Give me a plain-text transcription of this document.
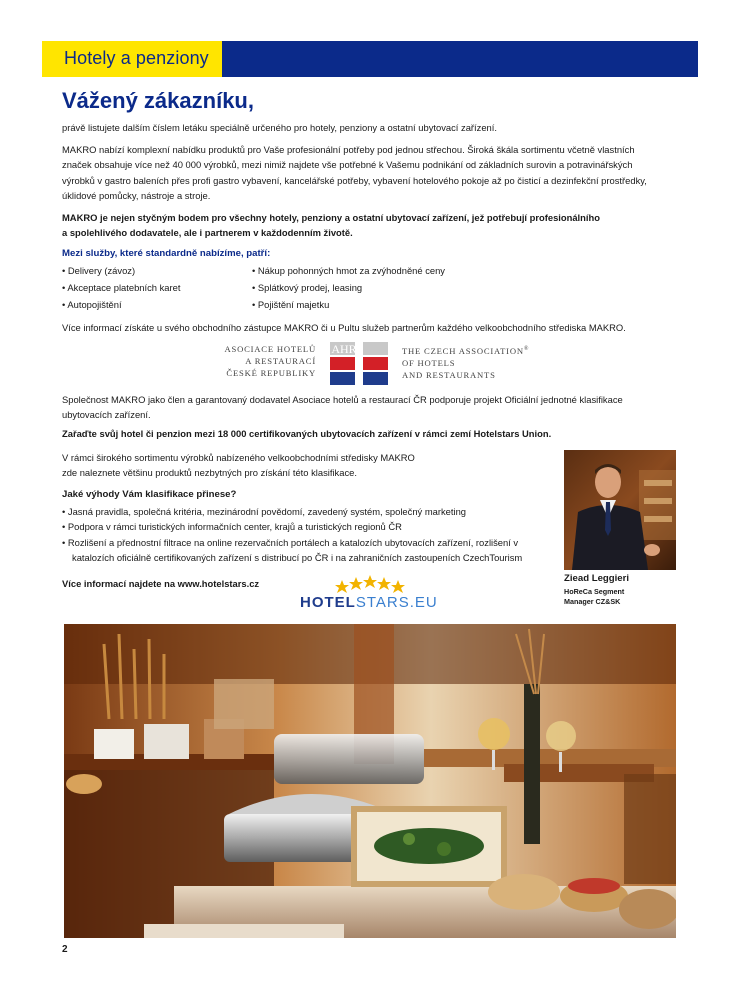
Hotely a penziony
Vážený zákazníku,

právě listujete dalším číslem letáku speciálně určeného pro hotely, penziony a ostatní ubytovací zařízení.

MAKRO nabízí komplexní nabídku produktů pro Vaše profesionální potřeby pod jednou střechou. Široká škála sortimentu včetně vlastních
značek obsahuje více než 40 000 výrobků, mezi nimiž najdete vše potřebné k Vašemu podnikání od základních surovin a potravinářských
výrobků v gastro baleních přes profi gastro vybavení, kancelářské potřeby, vybavení hotelového pokoje až po čisticí a dezinfekční prostředky,
úklidové pomůcky, nástroje a stroje.
MAKRO je nejen styčným bodem pro všechny hotely, penziony a ostatní ubytovací zařízení, jež potřebují profesionálního
a spolehlivého dodavatele, ale i partnerem v každodenním životě.
Mezi služby, které standardně nabízíme, patří:
• Delivery (závoz)
• Akceptace platebních karet
• Autopojištění
• Nákup pohonných hmot za zvýhodněné ceny
• Splátkový prodej, leasing
• Pojištění majetku

Více informací získáte u svého obchodního zástupce MAKRO či u Pultu služeb partnerům každého velkoobchodního střediska MAKRO.

ASOCIACE HOTELŮ
A RESTAURACÍ
ČESKÉ REPUBLIKY
AHR	THE CZECH ASSOCIATION®
OF HOTELS
AND RESTAURANTS
Společnost MAKRO jako člen a garantovaný dodavatel Asociace hotelů a restaurací ČR podporuje projekt Oficiální jednotné klasifikace
ubytovacích zařízení.

Zařaďte svůj hotel či penzion mezi 18 000 certifikovaných ubytovacích zařízení v rámci zemí Hotelstars Union.

V rámci širokého sortimentu výrobků nabízeného velkoobchodními středisky MAKRO
zde naleznete většinu produktů nezbytných pro získání této klasifikace.
Jaké výhody Vám klasifikace přinese?
• Jasná pravidla, společná kritéria, mezinárodní povědomí, zavedený systém, společný marketing
• Podpora v rámci turistických informačních center, krajů a turistických regionů ČR
• Rozlišení a přednostní filtrace na online rezervačních portálech a katalozích ubytovacích zařízení, rozlišení v katalozích oficiálně certifikovaných zařízení s distribucí po ČR i na zahraničních zastoupeních CzechTourism
Více informací najdete na www.hotelstars.cz
HOTELSTARS.EU
Ziead Leggieri
HoReCa Segment
Manager CZ&SK
2
